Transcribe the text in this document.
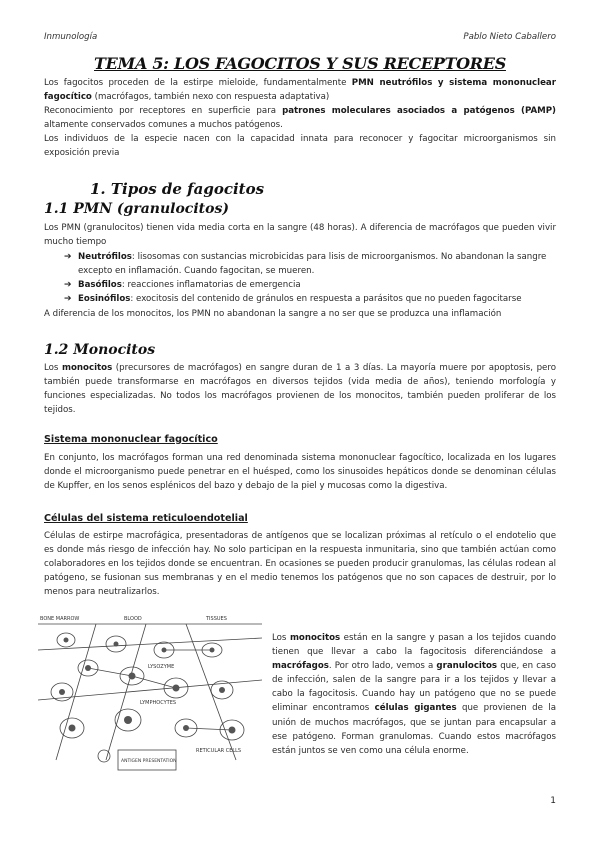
Inmunología	Pablo Nieto Caballero
TEMA 5: LOS FAGOCITOS Y SUS RECEPTORES

Los fagocitos proceden de la estirpe mieloide, fundamentalmente PMN neutrófilos y sistema mononuclear fagocítico (macrófagos, también nexo con respuesta adaptativa)

Reconocimiento por receptores en superficie para patrones moleculares asociados a patógenos (PAMP) altamente conservados comunes a muchos patógenos.

Los individuos de la especie nacen con la capacidad innata para reconocer y fagocitar microorganismos sin exposición previa

1. Tipos de fagocitos
1.1 PMN (granulocitos)

Los PMN (granulocitos) tienen vida media corta en la sangre (48 horas). A diferencia de macrófagos que pueden vivir mucho tiempo

➔ Neutrófilos: lisosomas con sustancias microbicidas para lisis de microorganismos. No abandonan la sangre excepto en inflamación. Cuando fagocitan, se mueren.
➔ Basófilos: reacciones inflamatorias de emergencia
➔ Eosinófilos: exocitosis del contenido de gránulos en respuesta a parásitos que no pueden fagocitarse

A diferencia de los monocitos, los PMN no abandonan la sangre a no ser que se produzca una inflamación

1.2 Monocitos

Los monocitos (precursores de macrófagos) en sangre duran de 1 a 3 días. La mayoría muere por apoptosis, pero también puede transformarse en macrófagos en diversos tejidos (vida media de años), teniendo morfología y funciones especializadas. No todos los macrófagos provienen de los monocitos, también pueden proliferar de los tejidos.

Sistema mononuclear fagocítico

En conjunto, los macrófagos forman una red denominada sistema mononuclear fagocítico, localizada en los lugares donde el microorganismo puede penetrar en el huésped, como los sinusoides hepáticos donde se denominan células de Kupffer, en los senos esplénicos del bazo y debajo de la piel y mucosas como la digestiva.

Células del sistema reticuloendotelial

Células de estirpe macrofágica, presentadoras de antígenos que se localizan próximas al retículo o el endotelio que es donde más riesgo de infección hay. No solo participan en la respuesta inmunitaria, sino que también actúan como colaboradores en los tejidos donde se encuentran. En ocasiones se pueden producir granulomas, las células rodean al patógeno, se fusionan sus membranas y en el medio tenemos los patógenos que no son capaces de destruir, por lo menos para neutralizarlos.

BONE MARROW	BLOOD	TISSUES
LYMPHOCYTES
RETICULAR CELLS
LYSOZYME
ANTIGEN PRESENTATION

Los monocitos están en la sangre y pasan a los tejidos cuando tienen que llevar a cabo la fagocitosis diferenciándose a macrófagos. Por otro lado, vemos a granulocitos que, en caso de infección, salen de la sangre para ir a los tejidos y llevar a cabo la fagocitosis. Cuando hay un patógeno que no se puede eliminar encontramos células gigantes que provienen de la unión de muchos macrófagos, que se juntan para encapsular a ese patógeno. Forman granulomas. Cuando estos macrófagos están juntos se ven como una célula enorme.

1
